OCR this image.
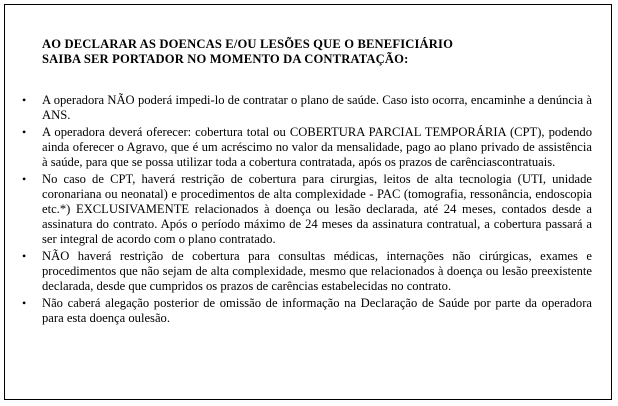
AO DECLARAR AS DOENCAS E/OU LESÕES QUE O BENEFICIÁRIO
SAIBA SER PORTADOR NO MOMENTO DA CONTRATAÇÃO:
•	A operadora NÃO poderá impedi-lo de contratar o plano de saúde. Caso isto ocorra, encaminhe a denúncia à ANS.
•	A operadora deverá oferecer: cobertura total ou COBERTURA PARCIAL TEMPORÁRIA (CPT), podendo ainda oferecer o Agravo, que é um acréscimo no valor da mensalidade, pago ao plano privado de assistência à saúde, para que se possa utilizar toda a cobertura contratada, após os prazos de carênciascontratuais.
•	No caso de CPT, haverá restrição de cobertura para cirurgias, leitos de alta tecnologia (UTI, unidade coronariana ou neonatal) e procedimentos de alta complexidade - PAC (tomografia, ressonância, endoscopia etc.*) EXCLUSIVAMENTE relacionados à doença ou lesão declarada, até 24 meses, contados desde a assinatura do contrato. Após o período máximo de 24 meses da assinatura contratual, a cobertura passará a ser integral de acordo com o plano contratado.
•	NÃO haverá restrição de cobertura para consultas médicas, internações não cirúrgicas, exames e procedimentos que não sejam de alta complexidade, mesmo que relacionados à doença ou lesão preexistente declarada, desde que cumpridos os prazos de carências estabelecidas no contrato.
•	Não caberá alegação posterior de omissão de informação na Declaração de Saúde por parte da operadora para esta doença oulesão.
